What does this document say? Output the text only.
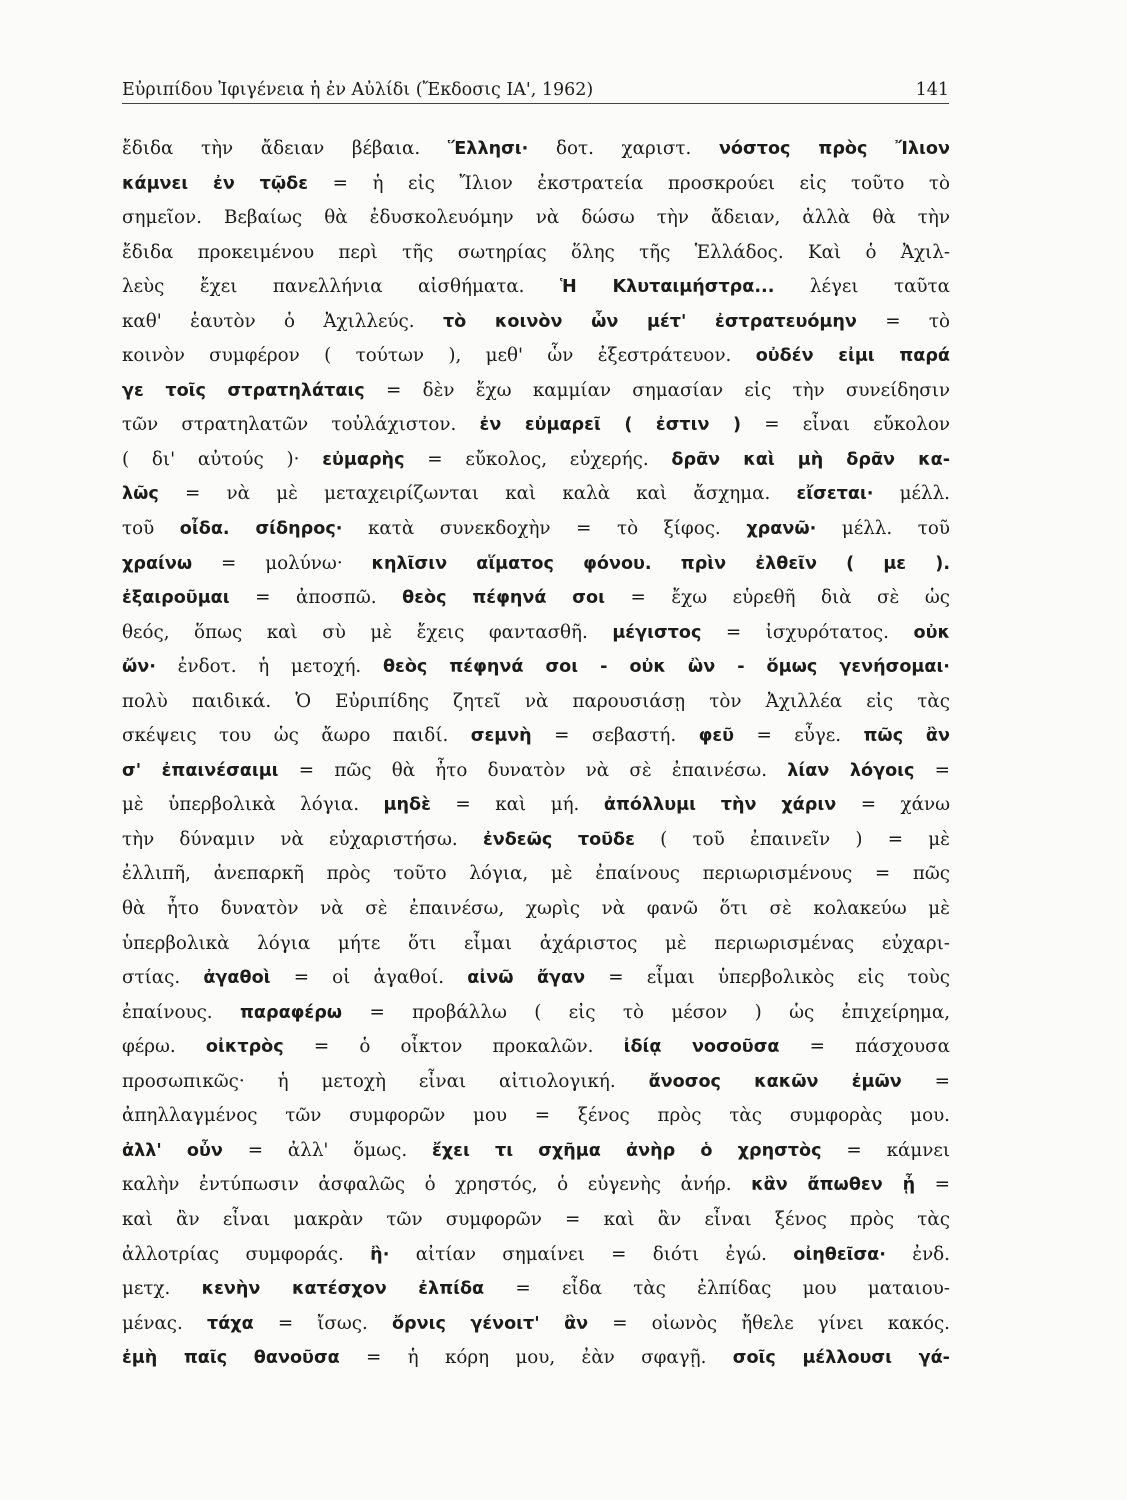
Εὐριπίδου Ἰφιγένεια ἡ ἐν Αὐλίδι (Ἔκδοσις ΙΑ', 1962)	141
ἔδιδα τὴν ἄδειαν βέβαια. Ἕλλησι· δοτ. χαριστ. νόστος πρὸς Ἴλιον
κάμνει ἐν τῷδε = ἡ εἰς Ἴλιον ἐκστρατεία προσκρούει εἰς τοῦτο τὸ
σημεῖον. Βεβαίως θὰ ἐδυσκολευόμην νὰ δώσω τὴν ἄδειαν, ἀλλὰ θὰ τὴν
ἔδιδα προκειμένου περὶ τῆς σωτηρίας ὅλης τῆς Ἑλλάδος. Καὶ ὁ Ἀχιλ-
λεὺς ἔχει πανελλήνια αἰσθήματα. Ἡ Κλυταιμήστρα... λέγει ταῦτα
καθ' ἑαυτὸν ὁ Ἀχιλλεύς. τὸ κοινὸν ὧν μέτ' ἐστρατευόμην = τὸ
κοινὸν συμφέρον ( τούτων ), μεθ' ὧν ἐξεστράτευον. οὐδέν εἰμι παρά
γε τοῖς στρατηλάταις = δὲν ἔχω καμμίαν σημασίαν εἰς τὴν συνείδησιν
τῶν στρατηλατῶν τοὐλάχιστον. ἐν εὐμαρεῖ ( ἐστιν ) = εἶναι εὔκολον
( δι' αὐτούς )· εὐμαρὴς = εὔκολος, εὐχερής. δρᾶν καὶ μὴ δρᾶν κα-
λῶς = νὰ μὲ μεταχειρίζωνται καὶ καλὰ καὶ ἄσχημα. εἴσεται· μέλλ.
τοῦ οἶδα. σίδηρος· κατὰ συνεκδοχὴν = τὸ ξίφος. χρανῶ· μέλλ. τοῦ
χραίνω = μολύνω· κηλῖσιν αἵματος φόνου. πρὶν ἐλθεῖν ( με ).
ἐξαιροῦμαι = ἀποσπῶ. θεὸς πέφηνά σοι = ἔχω εὑρεθῆ διὰ σὲ ὡς
θεός, ὅπως καὶ σὺ μὲ ἔχεις φαντασθῆ. μέγιστος = ἰσχυρότατος. οὐκ
ὤν· ἐνδοτ. ἡ μετοχή. θεὸς πέφηνά σοι - οὐκ ὢν - ὅμως γενήσομαι·
πολὺ παιδικά. Ὁ Εὐριπίδης ζητεῖ νὰ παρουσιάσῃ τὸν Ἀχιλλέα εἰς τὰς
σκέψεις του ὡς ἄωρο παιδί. σεμνὴ = σεβαστή. φεῦ = εὖγε. πῶς ἂν
σ' ἐπαινέσαιμι = πῶς θὰ ἦτο δυνατὸν νὰ σὲ ἐπαινέσω. λίαν λόγοις =
μὲ ὑπερβολικὰ λόγια. μηδὲ = καὶ μή. ἀπόλλυμι τὴν χάριν = χάνω
τὴν δύναμιν νὰ εὐχαριστήσω. ἐνδεῶς τοῦδε ( τοῦ ἐπαινεῖν ) = μὲ
ἐλλιπῆ, ἀνεπαρκῆ πρὸς τοῦτο λόγια, μὲ ἐπαίνους περιωρισμένους = πῶς
θὰ ἦτο δυνατὸν νὰ σὲ ἐπαινέσω, χωρὶς νὰ φανῶ ὅτι σὲ κολακεύω μὲ
ὑπερβολικὰ λόγια μήτε ὅτι εἶμαι ἀχάριστος μὲ περιωρισμένας εὐχαρι-
στίας. ἀγαθοὶ = οἱ ἀγαθοί. αἰνῶ ἄγαν = εἶμαι ὑπερβολικὸς εἰς τοὺς
ἐπαίνους. παραφέρω = προβάλλω ( εἰς τὸ μέσον ) ὡς ἐπιχείρημα,
φέρω. οἰκτρὸς = ὁ οἶκτον προκαλῶν. ἰδίᾳ νοσοῦσα = πάσχουσα
προσωπικῶς· ἡ μετοχὴ εἶναι αἰτιολογική. ἄνοσος κακῶν ἐμῶν =
ἀπηλλαγμένος τῶν συμφορῶν μου = ξένος πρὸς τὰς συμφορὰς μου.
ἀλλ' οὖν = ἀλλ' ὅμως. ἔχει τι σχῆμα ἀνὴρ ὁ χρηστὸς = κάμνει
καλὴν ἐντύπωσιν ἀσφαλῶς ὁ χρηστός, ὁ εὐγενὴς ἀνήρ. κἂν ἄπωθεν ᾖ =
καὶ ἂν εἶναι μακρὰν τῶν συμφορῶν = καὶ ἂν εἶναι ξένος πρὸς τὰς
ἀλλοτρίας συμφοράς. ἢ· αἰτίαν σημαίνει = διότι ἐγώ. οἰηθεῖσα· ἐνδ.
μετχ. κενὴν κατέσχον ἐλπίδα = εἶδα τὰς ἐλπίδας μου ματαιου-
μένας. τάχα = ἴσως. ὄρνις γένοιτ' ἂν = οἰωνὸς ἤθελε γίνει κακός.
ἐμὴ παῖς θανοῦσα = ἡ κόρη μου, ἐὰν σφαγῇ. σοῖς μέλλουσι γά-
